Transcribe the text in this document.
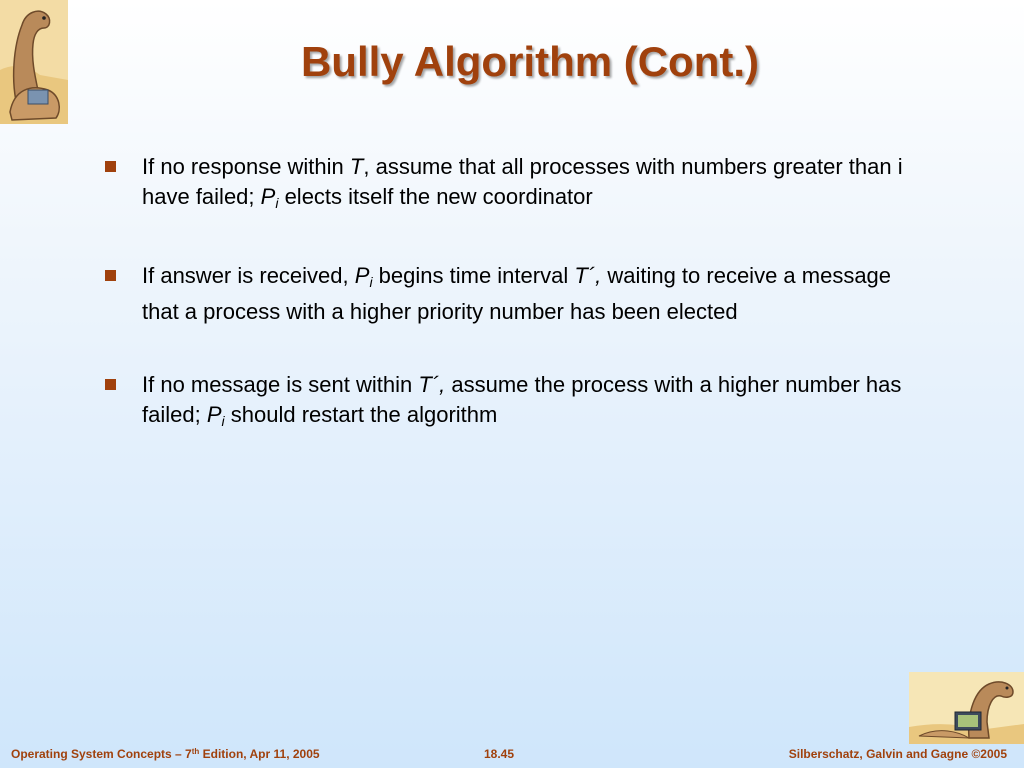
Bully Algorithm (Cont.)
If no response within T, assume that all processes with numbers greater than i have failed; $P_i$ elects itself the new coordinator
If answer is received, $P_i$ begins time interval T´, waiting to receive a message that a process with a higher priority number has been elected
If no message is sent within T´, assume the process with a higher number has failed; $P_i$ should restart the algorithm
Operating System Concepts – 7th Edition, Apr 11, 2005	18.45	Silberschatz, Galvin and Gagne ©2005
